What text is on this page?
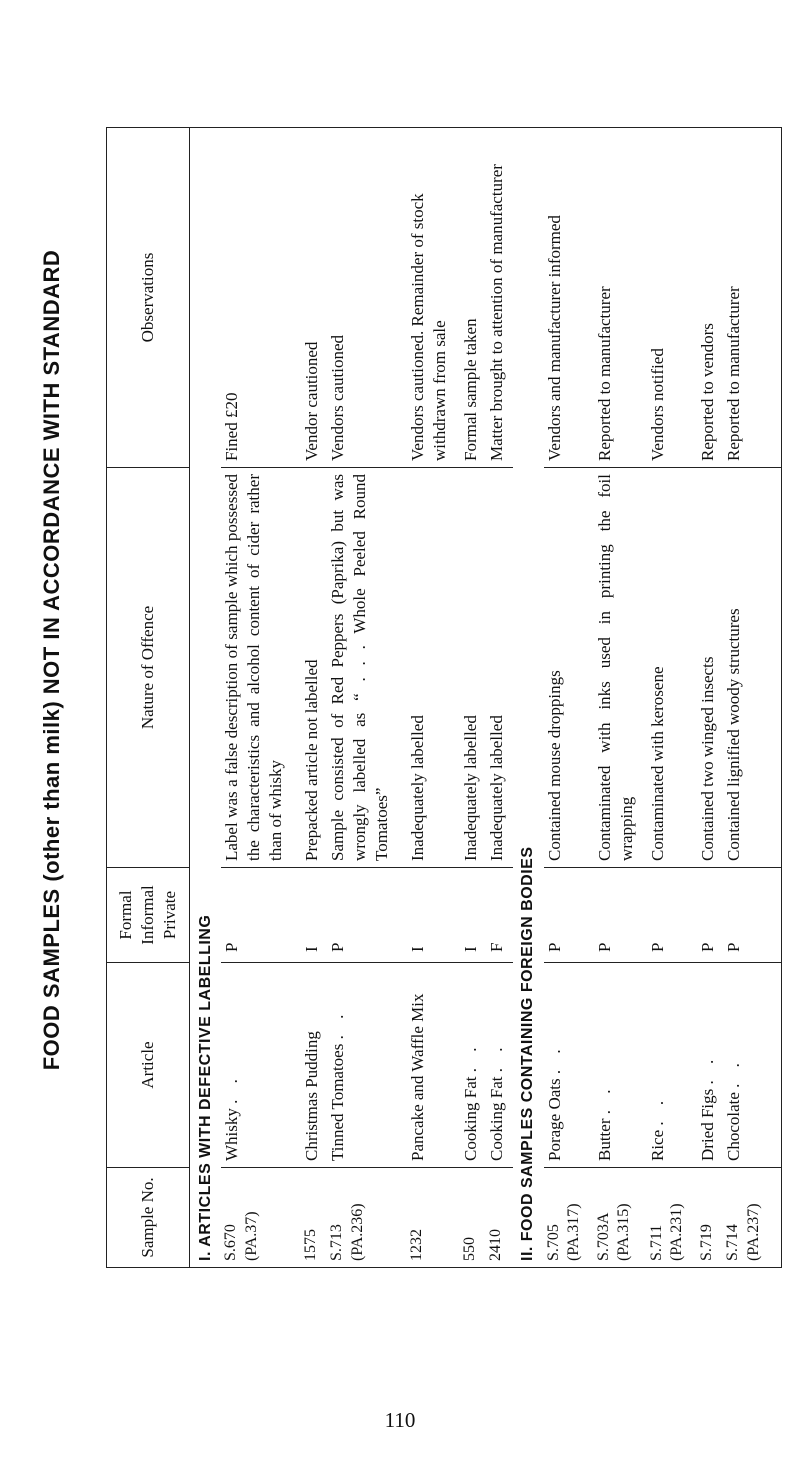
FOOD SAMPLES (other than milk) NOT IN ACCORDANCE WITH STANDARD
Sample No.	Article	Formal Informal Private	Nature of Offence	Observations
I. ARTICLES WITH DEFECTIVE LABELLING				

S.670 (PA.37)	Whisky . .	P	Label was a false description of sample which possessed the characteristics and alcohol content of cider rather than of whisky	Fined £20
1575	Christmas Pudding	I	Prepacked article not labelled	Vendor cautioned

S.713 (PA.236)	Tinned Tomatoes . .	P	Sample consisted of Red Peppers (Paprika) but was wrongly labelled as “ . . . Whole Peeled Round Tomatoes”	Vendors cautioned
1232	Pancake and Waffle Mix	I	Inadequately labelled	Vendors cautioned. Remainder of stock withdrawn from sale
550	Cooking Fat . .	I	Inadequately labelled	Formal sample taken
2410	Cooking Fat . .	F	Inadequately labelled	Matter brought to attention of manufacturer
II. FOOD SAMPLES CONTAINING FOREIGN BODIES				

S.705 (PA.317)	Porage Oats . .	P	Contained mouse droppings	Vendors and manufacturer informed

S.703A (PA.315)	Butter . .	P	Contaminated with inks used in printing the foil wrapping	Reported to manufacturer

S.711 (PA.231)	Rice . .	P	Contaminated with kerosene	Vendors notified
S.719	Dried Figs . .	P	Contained two winged insects	Reported to vendors

S.714 (PA.237)	Chocolate . .	P	Contained lignified woody structures	Reported to manufacturer

110
